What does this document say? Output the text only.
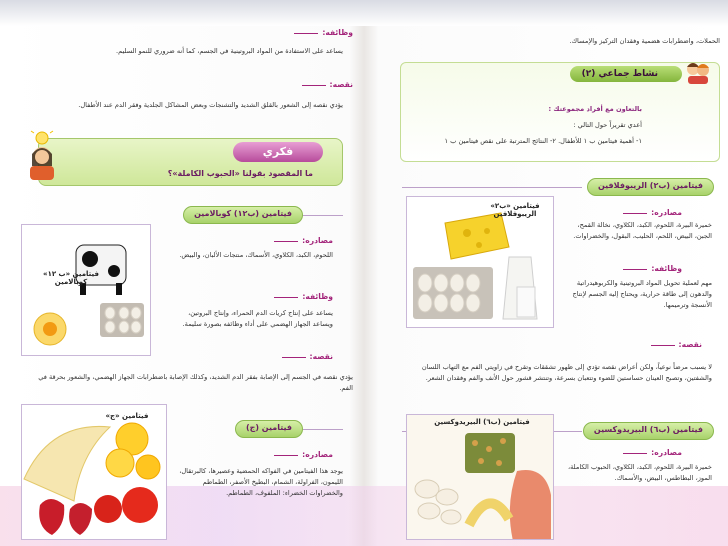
الحملات، واضطرابات هضمية وفقدان التركيز والإمساك.
نشاط جماعي (٢)
بالتعاون مع أفراد مجموعتك :
أعدي تقريراً حول التالي :
١- أهمية فيتامين ب ١ للأطفال. ٢- النتائج المترتبة على نقص فيتامين ب ١
فيتامين (ب٢) الريبوفلافين
مصادره:
خميرة البيرة، اللحوم، الكبد، الكلاوي، نخالة القمح، الجبن، البيض، اللحم، الحليب، البقول، والخضراوات.
وظائفه:
مهم لعملية تحويل المواد البروتينية والكربوهيدراتية والدهون إلى طاقة حرارية، ويحتاج إليه الجسم لإنتاج الأنسجة وترميمها.
نقصه:
لا يسبب مرضاً نوعياً، ولكن أعراض نقصه تؤدي إلى ظهور تشققات وتقرح في زاويتي الفم مع التهاب اللسان والشفتين، وتصبح العينان حساستين للضوء وتتعبان بسرعة، وتنتشر قشور حول الأنف والفم وفقدان الشعر.
فيتامين «ب٢» الريبوفلافين
فيتامين (ب٦) البيريدوكسين
مصادره:
خميرة البيرة، اللحوم، الكبد، الكلاوي، الحبوب الكاملة، الموز، البطاطس، البيض، والأسماك.
فيتامين (ب٦) البيريدوكسين
وظائفه:
يساعد على الاستفادة من المواد البروتينية في الجسم، كما أنه ضروري للنمو السليم.
نقصه:
يؤدي نقصه إلى الشعور بالقلق الشديد والتشنجات وبعض المشاكل الجلدية وفقر الدم عند الأطفال.
فكري
ما المقصود بقولنا «الحبوب الكاملة»؟
فيتامين (ب١٢) كوبالامين
مصادره:
اللحوم، الكبد، الكلاوي، الأسماك، منتجات الألبان، والبيض.
وظائفه:
يساعد على إنتاج كريات الدم الحمراء، وإنتاج البروتين، ويساعد الجهاز الهضمي على أداء وظائفه بصورة سليمة.
نقصه:
يؤدي نقصه في الجسم إلى الإصابة بفقر الدم الشديد، وكذلك الإصابة باضطرابات الجهاز الهضمي، والشعور بحرقة في الفم.
فيتامين «ب ١٢» كوبالامين
فيتامين (ج)
مصادره:
يوجد هذا الفيتامين في الفواكه الحمضية وعصيرها، كالبرتقال، الليمون، الفراولة، الشمام، البطيخ الأصفر، الطماطم والخضراوات الخضراء: الملفوف، الطماطم.
فيتامين «ج»
